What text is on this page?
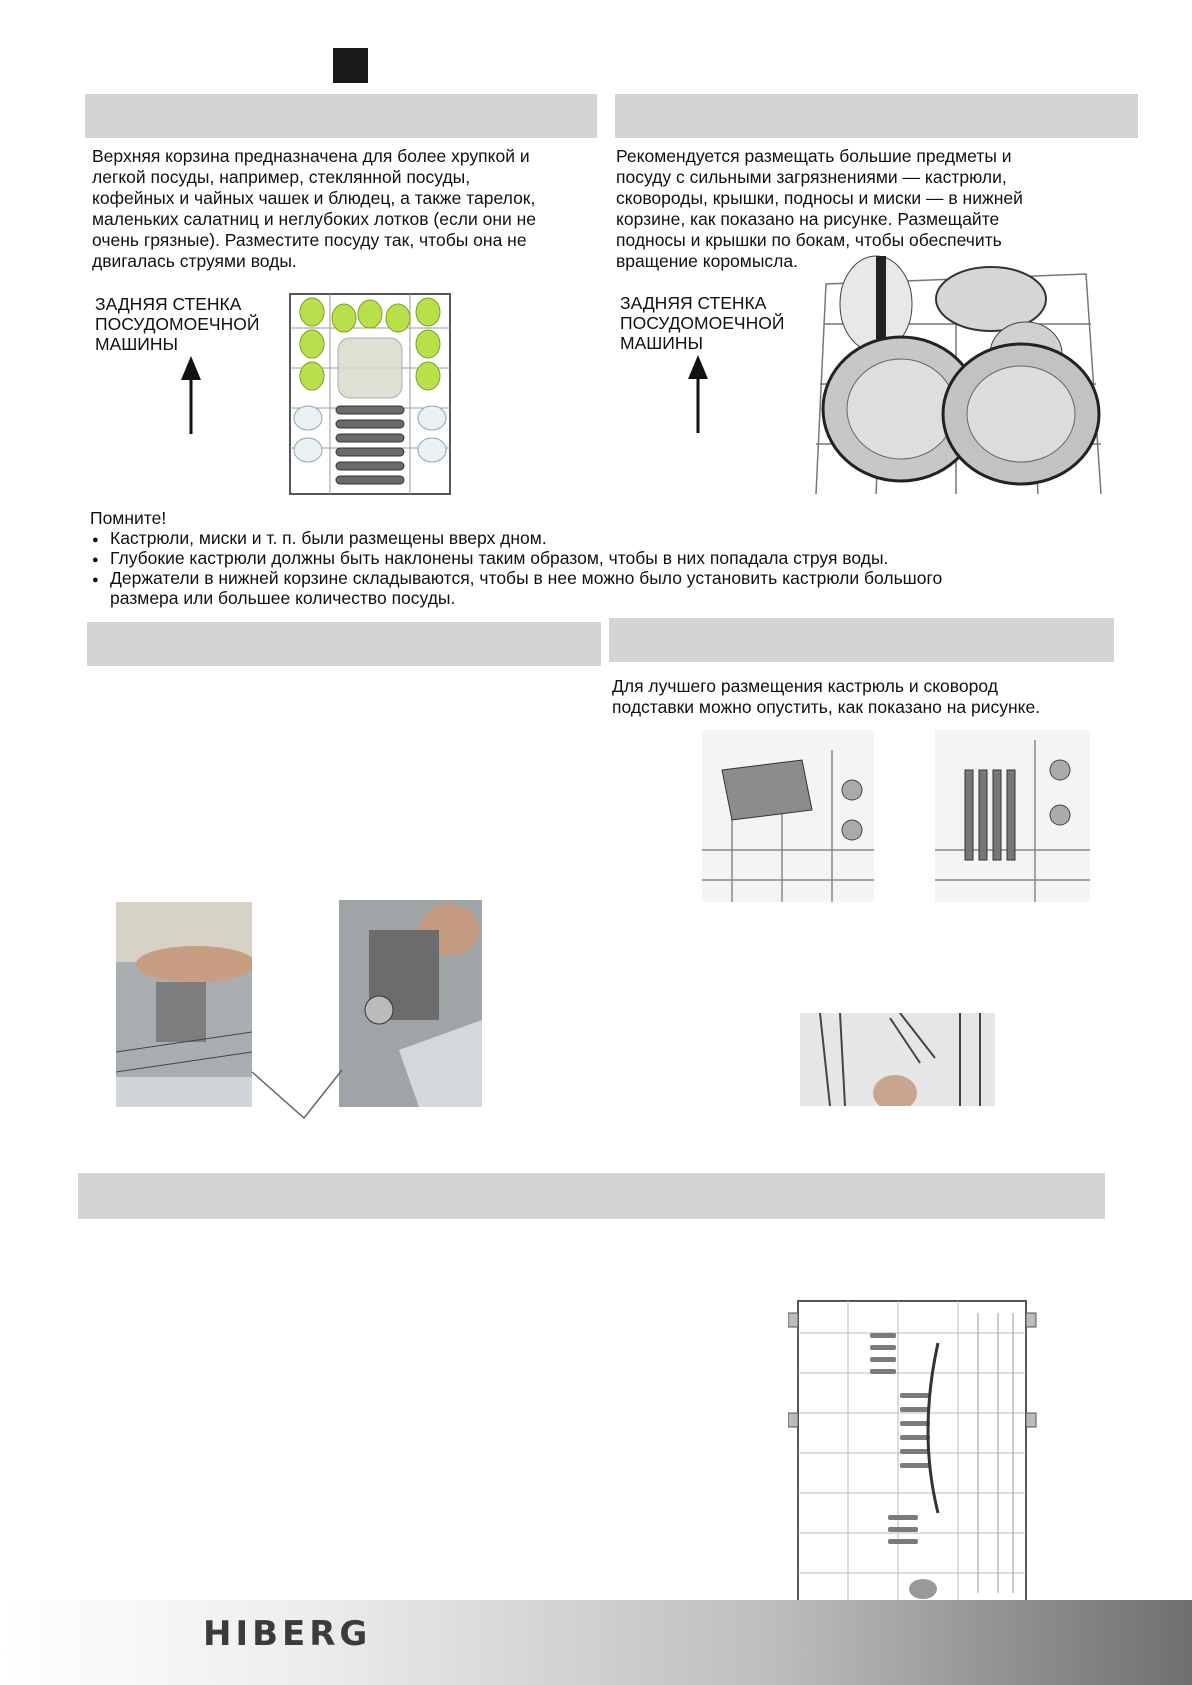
Верхняя корзина предназначена для более хрупкой и
легкой посуды, например, стеклянной посуды,
кофейных и чайных чашек и блюдец, а также тарелок,
маленьких салатниц и неглубоких лотков (если они не
очень грязные). Разместите посуду так, чтобы она не
двигалась струями воды.

Рекомендуется размещать большие предметы и
посуду с сильными загрязнениями — кастрюли,
сковороды, крышки, подносы и миски — в нижней
корзине, как показано на рисунке. Размещайте
подносы и крышки по бокам, чтобы обеспечить
вращение коромысла.

ЗАДНЯЯ СТЕНКА
ПОСУДОМОЕЧНОЙ
МАШИНЫ
ЗАДНЯЯ СТЕНКА
ПОСУДОМОЕЧНОЙ
МАШИНЫ
Помните!
● Кастрюли, миски и т. п. были размещены вверх дном.
● Глубокие кастрюли должны быть наклонены таким образом, чтобы в них попадала струя воды.
● Держатели в нижней корзине складываются, чтобы в нее можно было установить кастрюли большого
размера или большее количество посуды.

Для лучшего размещения кастрюль и сковород
подставки можно опустить, как показано на рисунке.

HIBERG
